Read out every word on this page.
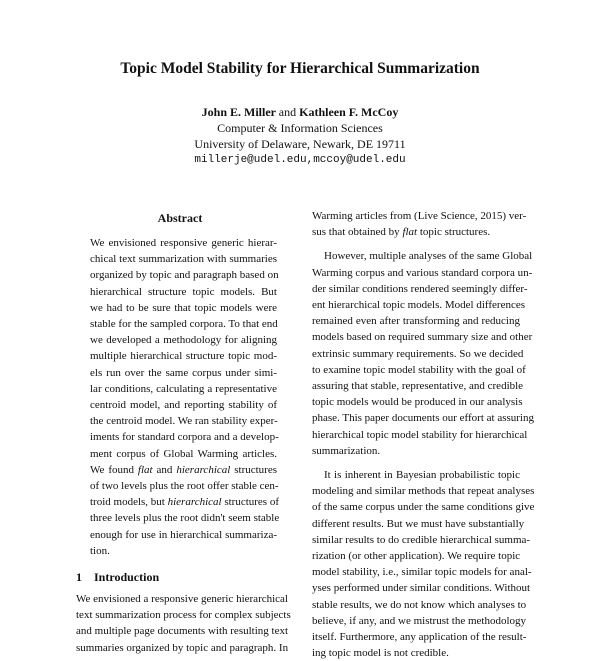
Topic Model Stability for Hierarchical Summarization
John E. Miller and Kathleen F. McCoy
Computer & Information Sciences
University of Delaware, Newark, DE 19711
millerje@udel.edu,mccoy@udel.edu
Abstract
We envisioned responsive generic hierar-
chical text summarization with summaries
organized by topic and paragraph based on
hierarchical structure topic models. But
we had to be sure that topic models were
stable for the sampled corpora. To that end
we developed a methodology for aligning
multiple hierarchical structure topic mod-
els run over the same corpus under simi-
lar conditions, calculating a representative
centroid model, and reporting stability of
the centroid model. We ran stability exper-
iments for standard corpora and a develop-
ment corpus of Global Warming articles.
We found flat and hierarchical structures
of two levels plus the root offer stable cen-
troid models, but hierarchical structures of
three levels plus the root didn't seem stable
enough for use in hierarchical summariza-
tion.
1 Introduction
We envisioned a responsive generic hierarchical
text summarization process for complex subjects
and multiple page documents with resulting text
summaries organized by topic and paragraph. In
Warming articles from (Live Science, 2015) ver-
sus that obtained by flat topic structures.
However, multiple analyses of the same Global
Warming corpus and various standard corpora un-
der similar conditions rendered seemingly differ-
ent hierarchical topic models. Model differences
remained even after transforming and reducing
models based on required summary size and other
extrinsic summary requirements. So we decided
to examine topic model stability with the goal of
assuring that stable, representative, and credible
topic models would be produced in our analysis
phase. This paper documents our effort at assuring
hierarchical topic model stability for hierarchical
summarization.
It is inherent in Bayesian probabilistic topic
modeling and similar methods that repeat analyses
of the same corpus under the same conditions give
different results. But we must have substantially
similar results to do credible hierarchical summa-
rization (or other application). We require topic
model stability, i.e., similar topic models for anal-
yses performed under similar conditions. Without
stable results, we do not know which analyses to
believe, if any, and we mistrust the methodology
itself. Furthermore, any application of the result-
ing topic model is not credible.
